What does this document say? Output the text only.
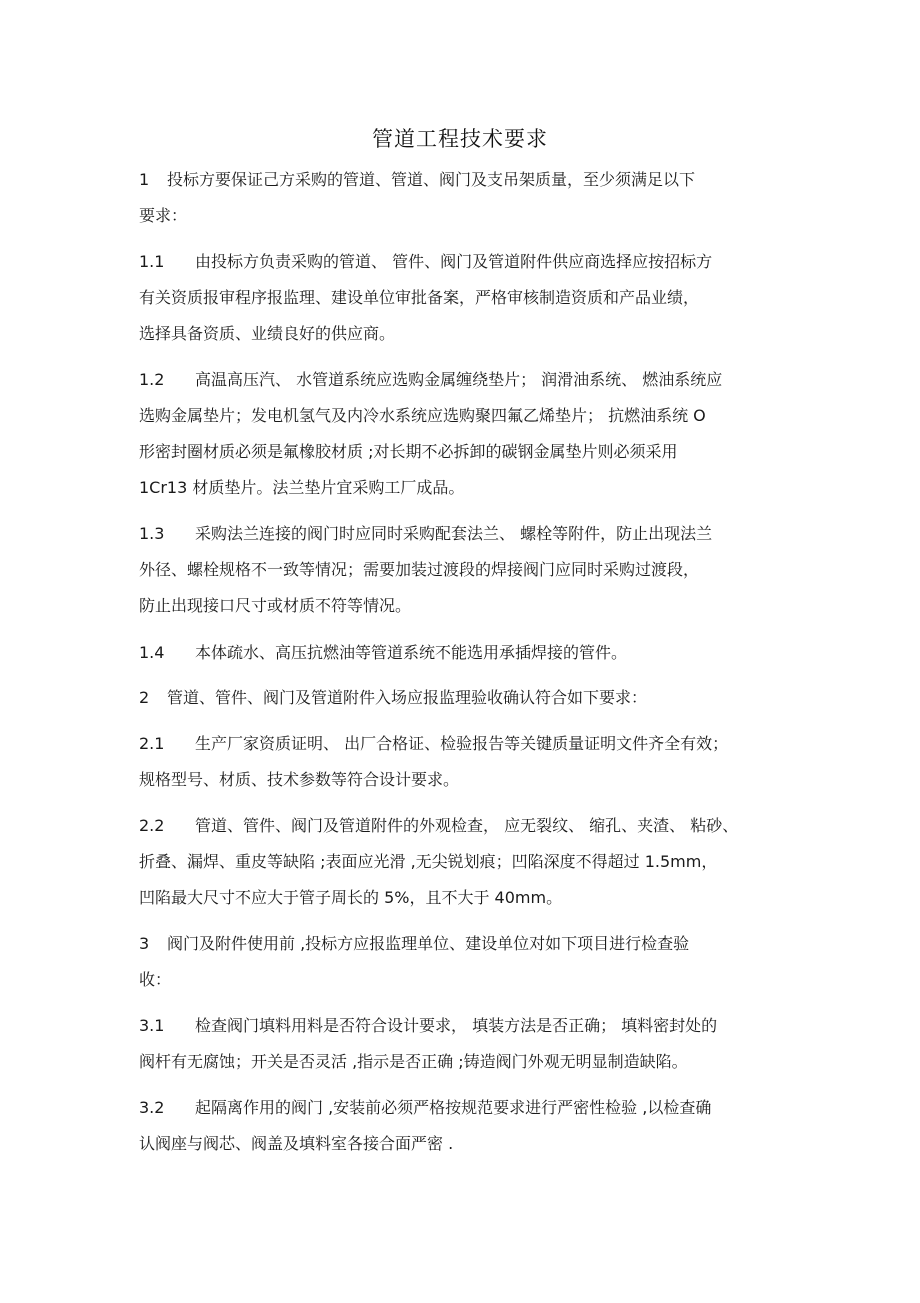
管道工程技术要求
1 投标方要保证己方采购的管道、管道、阀门及支吊架质量，至少须满足以下
要求：
1.1 由投标方负责采购的管道、 管件、阀门及管道附件供应商选择应按招标方
有关资质报审程序报监理、建设单位审批备案，严格审核制造资质和产品业绩，
选择具备资质、业绩良好的供应商。
1.2 高温高压汽、 水管道系统应选购金属缠绕垫片； 润滑油系统、 燃油系统应
选购金属垫片；发电机氢气及内冷水系统应选购聚四氟乙烯垫片； 抗燃油系统 O
形密封圈材质必须是氟橡胶材质 ;对长期不必拆卸的碳钢金属垫片则必须采用
1Cr13 材质垫片。法兰垫片宜采购工厂成品。
1.3 采购法兰连接的阀门时应同时采购配套法兰、 螺栓等附件，防止出现法兰
外径、螺栓规格不一致等情况；需要加装过渡段的焊接阀门应同时采购过渡段，
防止出现接口尺寸或材质不符等情况。
1.4 本体疏水、高压抗燃油等管道系统不能选用承插焊接的管件。
2 管道、管件、阀门及管道附件入场应报监理验收确认符合如下要求：
2.1 生产厂家资质证明、 出厂合格证、检验报告等关键质量证明文件齐全有效；
规格型号、材质、技术参数等符合设计要求。
2.2 管道、管件、阀门及管道附件的外观检查， 应无裂纹、 缩孔、夹渣、 粘砂、
折叠、漏焊、重皮等缺陷 ;表面应光滑 ,无尖锐划痕；凹陷深度不得超过 1.5mm，
凹陷最大尺寸不应大于管子周长的 5%，且不大于 40mm。
3 阀门及附件使用前 ,投标方应报监理单位、建设单位对如下项目进行检查验
收：
3.1 检查阀门填料用料是否符合设计要求， 填装方法是否正确； 填料密封处的
阀杆有无腐蚀；开关是否灵活 ,指示是否正确 ;铸造阀门外观无明显制造缺陷。
3.2 起隔离作用的阀门 ,安装前必须严格按规范要求进行严密性检验 ,以检查确
认阀座与阀芯、阀盖及填料室各接合面严密 .
